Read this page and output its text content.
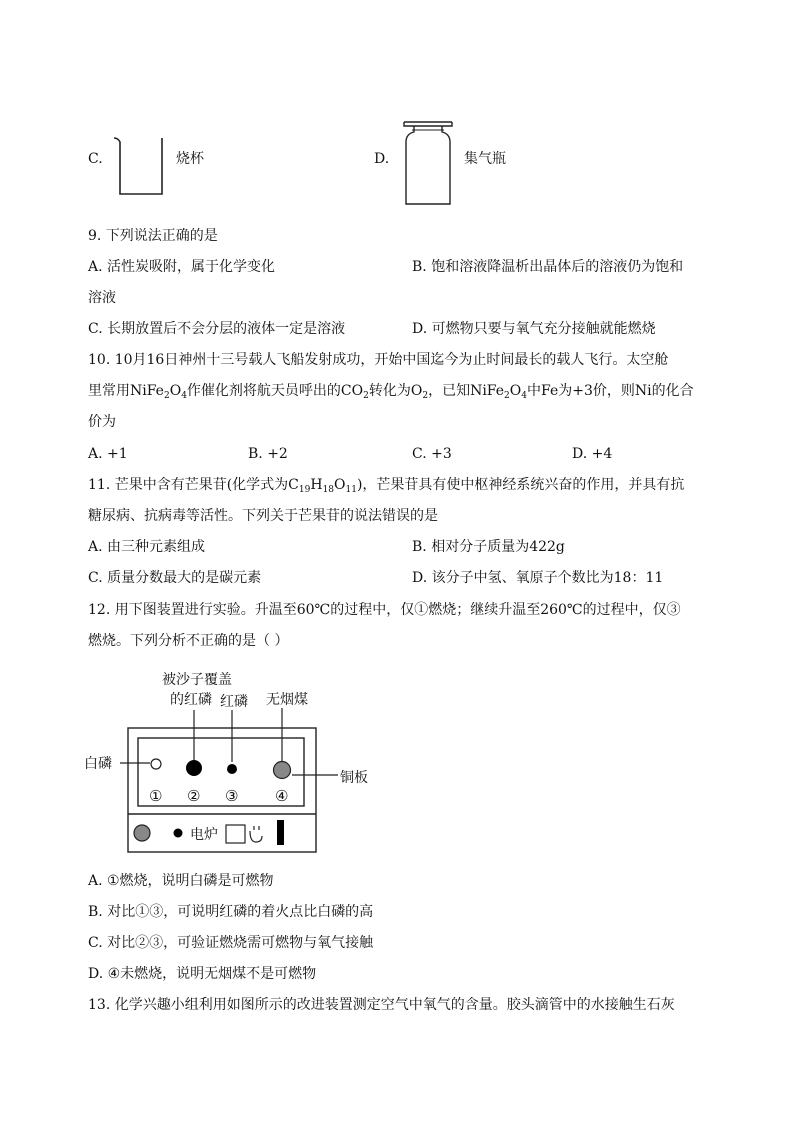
C.	烧杯	D.	集气瓶
9. 下列说法正确的是
A. 活性炭吸附，属于化学变化	B. 饱和溶液降温析出晶体后的溶液仍为饱和
溶液
C. 长期放置后不会分层的液体一定是溶液	D. 可燃物只要与氧气充分接触就能燃烧
10. 10月16日神州十三号载人飞船发射成功，开始中国迄今为止时间最长的载人飞行。太空舱
里常用$NiFe_2O_4$作催化剂将航天员呼出的$CO_2$转化为$O_2$，已知$NiFe_2O_4$中Fe为+3价，则Ni的化合
价为
A. +1	B. +2	C. +3	D. +4
11. 芒果中含有芒果苷(化学式为$C_{19}H_{18}O_{11}$)，芒果苷具有使中枢神经系统兴奋的作用，并具有抗
糖尿病、抗病毒等活性。下列关于芒果苷的说法错误的是
A. 由三种元素组成	B. 相对分子质量为422g
C. 质量分数最大的是碳元素	D. 该分子中氢、氧原子个数比为18：11
12. 用下图装置进行实验。升温至60℃的过程中，仅①燃烧；继续升温至260℃的过程中，仅③
燃烧。下列分析不正确的是（ ）
被沙子覆盖
的红磷 红磷 无烟煤
白磷
铜板
① ② ③ ④
电炉
A. ①燃烧，说明白磷是可燃物
B. 对比①③，可说明红磷的着火点比白磷的高
C. 对比②③，可验证燃烧需可燃物与氧气接触
D. ④未燃烧，说明无烟煤不是可燃物
13. 化学兴趣小组利用如图所示的改进装置测定空气中氧气的含量。胶头滴管中的水接触生石灰
